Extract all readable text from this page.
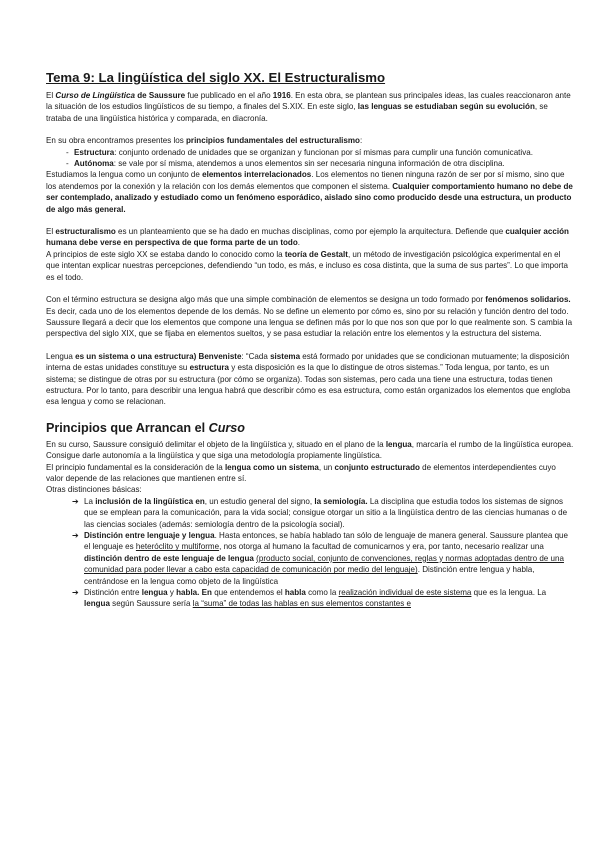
Tema 9: La lingüística del siglo XX. El Estructuralismo

El Curso de Lingüística de Saussure fue publicado en el año 1916. En esta obra, se plantean sus principales ideas, las cuales reaccionaron ante la situación de los estudios lingüísticos de su tiempo, a finales del S.XIX. En este siglo, las lenguas se estudiaban según su evolución, se trataba de una lingüística histórica y comparada, en diacronía.

En su obra encontramos presentes los principios fundamentales del estructuralismo:

- Estructura: conjunto ordenado de unidades que se organizan y funcionan por sí mismas para cumplir una función comunicativa.
- Autónoma: se vale por sí misma, atendemos a unos elementos sin ser necesaria ninguna información de otra disciplina.

Estudiamos la lengua como un conjunto de elementos interrelacionados. Los elementos no tienen ninguna razón de ser por sí mismo, sino que los atendemos por la conexión y la relación con los demás elementos que componen el sistema. Cualquier comportamiento humano no debe de ser contemplado, analizado y estudiado como un fenómeno esporádico, aislado sino como producido desde una estructura, un producto de algo más general.

El estructuralismo es un planteamiento que se ha dado en muchas disciplinas, como por ejemplo la arquitectura. Defiende que cualquier acción humana debe verse en perspectiva de que forma parte de un todo.

A principios de este siglo XX se estaba dando lo conocido como la teoría de Gestalt, un método de investigación psicológica experimental en el que intentan explicar nuestras percepciones, defendiendo “un todo, es más, e incluso es cosa distinta, que la suma de sus partes”. Lo que importa es el todo.

Con el término estructura se designa algo más que una simple combinación de elementos se designa un todo formado por fenómenos solidarios. Es decir, cada uno de los elementos depende de los demás. No se define un elemento por cómo es, sino por su relación y función dentro del todo. Saussure llegará a decir que los elementos que compone una lengua se definen más por lo que nos son que por lo que realmente son. S cambia la perspectiva del siglo XIX, que se fijaba en elementos sueltos, y se pasa estudiar la relación entre los elementos y la estructura del sistema.

Lengua es un sistema o una estructura) Benveniste: “Cada sistema está formado por unidades que se condicionan mutuamente; la disposición interna de estas unidades constituye su estructura y esta disposición es la que lo distingue de otros sistemas.” Toda lengua, por tanto, es un sistema; se distingue de otras por su estructura (por cómo se organiza). Todas son sistemas, pero cada una tiene una estructura, todas tienen estructura. Por lo tanto, para describir una lengua habrá que describir cómo es esa estructura, como están organizados los elementos que engloba esa lengua y como se relacionan.

Principios que Arrancan el Curso

En su curso, Saussure consiguió delimitar el objeto de la lingüística y, situado en el plano de la lengua, marcaría el rumbo de la lingüística europea. Consigue darle autonomía a la lingüística y que siga una metodología propiamente lingüística.

El principio fundamental es la consideración de la lengua como un sistema, un conjunto estructurado de elementos interdependientes cuyo valor depende de las relaciones que mantienen entre sí.

Otras distinciones básicas:

➔ La inclusión de la lingüística en, un estudio general del signo, la semiología. La disciplina que estudia todos los sistemas de signos que se emplean para la comunicación, para la vida social; consigue otorgar un sitio a la lingüística dentro de las ciencias humanas o de las ciencias sociales (además: semiología dentro de la psicología social).
➔ Distinción entre lenguaje y lengua. Hasta entonces, se había hablado tan sólo de lenguaje de manera general. Saussure plantea que el lenguaje es heteróclito y multiforme, nos otorga al humano la facultad de comunicarnos y era, por tanto, necesario realizar una distinción dentro de este lenguaje de lengua (producto social, conjunto de convenciones, reglas y normas adoptadas dentro de una comunidad para poder llevar a cabo esta capacidad de comunicación por medio del lenguaje). Distinción entre lengua y habla, centrándose en la lengua como objeto de la lingüística
➔ Distinción entre lengua y habla. En que entendemos el habla como la realización individual de este sistema que es la lengua. La lengua según Saussure sería la “suma” de todas las hablas en sus elementos constantes e
